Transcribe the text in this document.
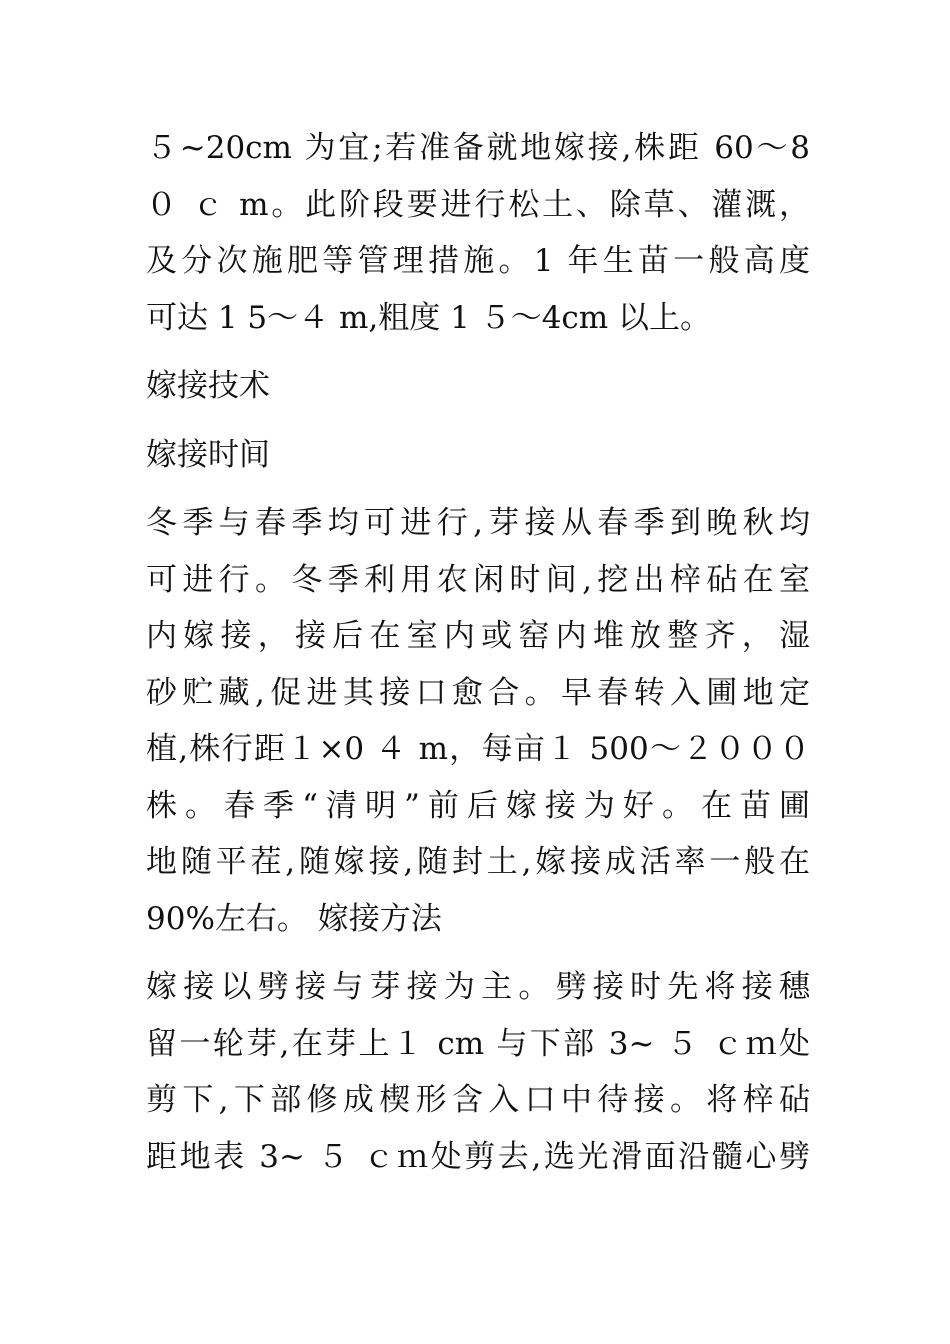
５~20cm 为宜;若准备就地嫁接,株距 60～8
０ ｃ m。此阶段要进行松土、除草、灌溉，
及分次施肥等管理措施。1 年生苗一般高度
可达 1 5～４ m,粗度 1 ５～4cm 以上。
嫁接技术
嫁接时间
冬季与春季均可进行,芽接从春季到晚秋均
可进行。冬季利用农闲时间,挖出梓砧在室
内嫁接，接后在室内或窑内堆放整齐，湿
砂贮藏,促进其接口愈合。早春转入圃地定
植,株行距１×0 ４ m，每亩１ 500～２０００
株。春季“清明”前后嫁接为好。在苗圃
地随平茬,随嫁接,随封土,嫁接成活率一般在
90%左右。 嫁接方法
嫁接以劈接与芽接为主。劈接时先将接穗
留一轮芽,在芽上１ cm 与下部 3~ ５ ｃｍ处
剪下,下部修成楔形含入口中待接。将梓砧
距地表 3~ ５ ｃｍ处剪去,选光滑面沿髓心劈
